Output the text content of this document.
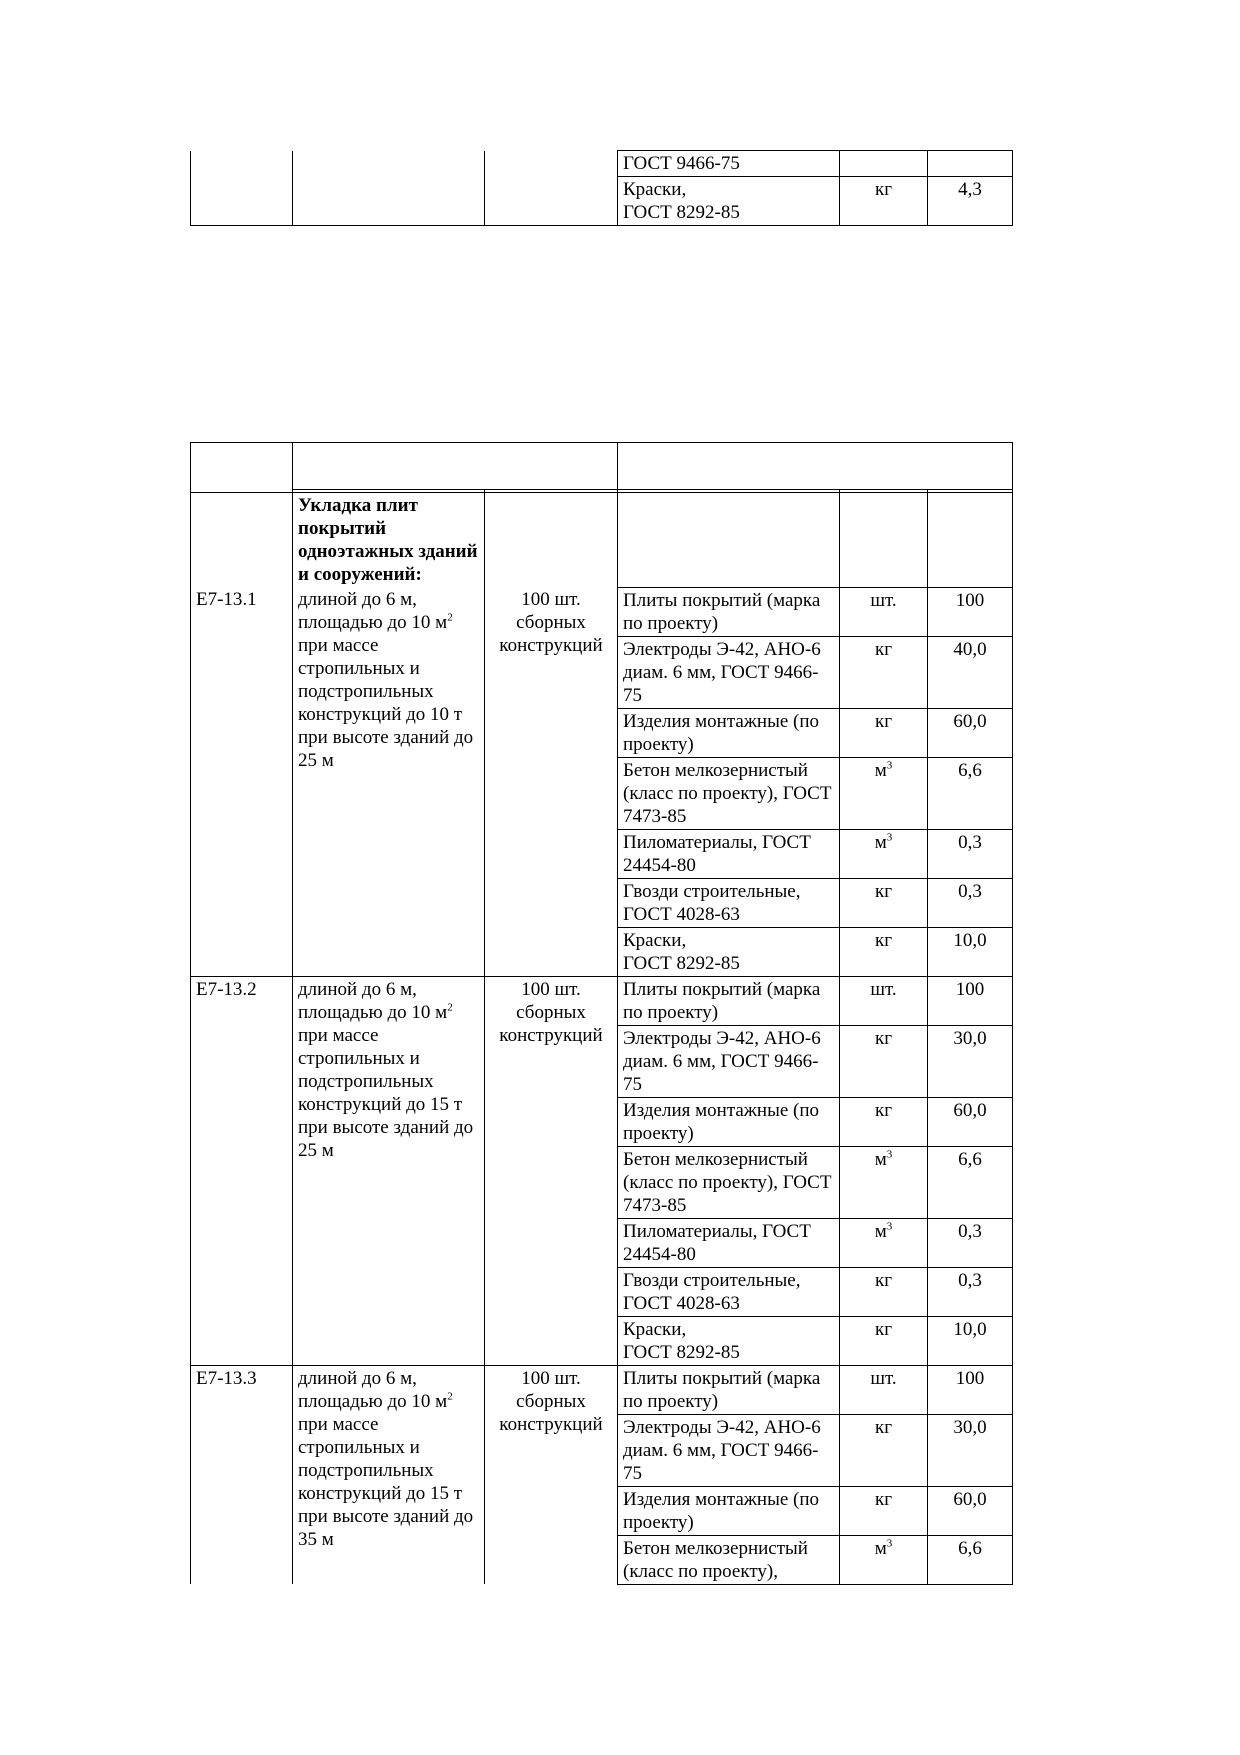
			ГОСТ 9466-75		
			Краски,
ГОСТ 8292-85	кг	4,3

	Укладка плит покрытий одноэтажных зданий и сооружений:				
Е7-13.1	длиной до 6 м, площадью до 10 $м^2$ при массе стропильных и подстропильных конструкций до 10 т при высоте зданий до 25 м	100 шт. сборных конструкций	Плиты покрытий (марка по проекту)	шт.	100
			Электроды Э-42, АНО-6 диам. 6 мм, ГОСТ 9466-75	кг	40,0
			Изделия монтажные (по проекту)	кг	60,0
			Бетон мелкозернистый (класс по проекту), ГОСТ 7473-85	$м^3$	6,6
			Пиломатериалы, ГОСТ 24454-80	$м^3$	0,3
			Гвозди строительные, ГОСТ 4028-63	кг	0,3
			Краски,
ГОСТ 8292-85	кг	10,0
Е7-13.2	длиной до 6 м, площадью до 10 $м^2$ при массе стропильных и подстропильных конструкций до 15 т при высоте зданий до 25 м	100 шт. сборных конструкций	Плиты покрытий (марка по проекту)	шт.	100
			Электроды Э-42, АНО-6 диам. 6 мм, ГОСТ 9466-75	кг	30,0
			Изделия монтажные (по проекту)	кг	60,0
			Бетон мелкозернистый (класс по проекту), ГОСТ 7473-85	$м^3$	6,6
			Пиломатериалы, ГОСТ 24454-80	$м^3$	0,3
			Гвозди строительные, ГОСТ 4028-63	кг	0,3
			Краски,
ГОСТ 8292-85	кг	10,0
Е7-13.3	длиной до 6 м, площадью до 10 $м^2$ при массе стропильных и подстропильных конструкций до 15 т при высоте зданий до 35 м	100 шт. сборных конструкций	Плиты покрытий (марка по проекту)	шт.	100
			Электроды Э-42, АНО-6 диам. 6 мм, ГОСТ 9466-75	кг	30,0
			Изделия монтажные (по проекту)	кг	60,0
			Бетон мелкозернистый (класс по проекту),	$м^3$	6,6
